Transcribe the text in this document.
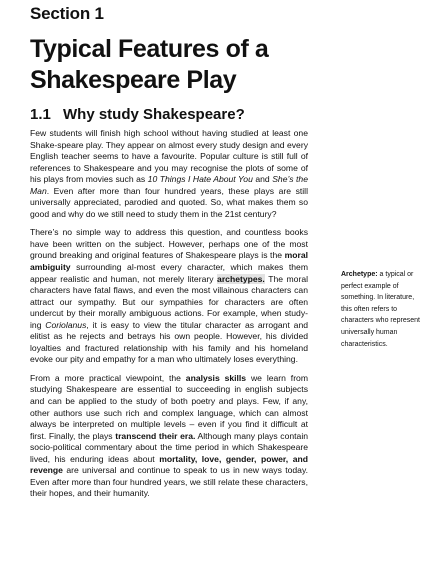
Section 1
Typical Features of a Shakespeare Play
1.1 Why study Shakespeare?

Few students will finish high school without having studied at least one Shake-speare play. They appear on almost every study design and every English teacher seems to have a favourite. Popular culture is still full of references to Shakespeare and you may recognise the plots of some of his plays from movies such as 10 Things I Hate About You and She’s the Man. Even after more than four hundred years, these plays are still universally appreciated, parodied and quoted. So, what makes them so good and why do we still need to study them in the 21st century?

There’s no simple way to address this question, and countless books have been written on the subject. However, perhaps one of the most ground breaking and original features of Shakespeare plays is the moral ambiguity surrounding al-most every character, which makes them appear realistic and human, not merely literary archetypes. The moral characters have fatal flaws, and even the most villainous characters can attract our sympathy. But our sympathies for characters are often undercut by their morally ambiguous actions. For example, when study-ing Coriolanus, it is easy to view the titular character as arrogant and elitist as he rejects and betrays his own people. However, his divided loyalties and fractured relationship with his family and his homeland evoke our pity and empathy for a man who ultimately loses everything.

From a more practical viewpoint, the analysis skills we learn from studying Shakespeare are essential to succeeding in english subjects and can be applied to the study of both poetry and plays. Few, if any, other authors use such rich and complex language, which can almost always be interpreted on multiple levels – even if you find it difficult at first. Finally, the plays transcend their era. Although many plays contain socio-political commentary about the time period in which Shakespeare lived, his enduring ideas about mortality, love, gender, power, and revenge are universal and continue to speak to us in new ways today. Even after more than four hundred years, we still relate these characters, their hopes, and their humanity.

Archetype: a typical or perfect example of something. In literature, this often refers to characters who represent universally human characteristics.
